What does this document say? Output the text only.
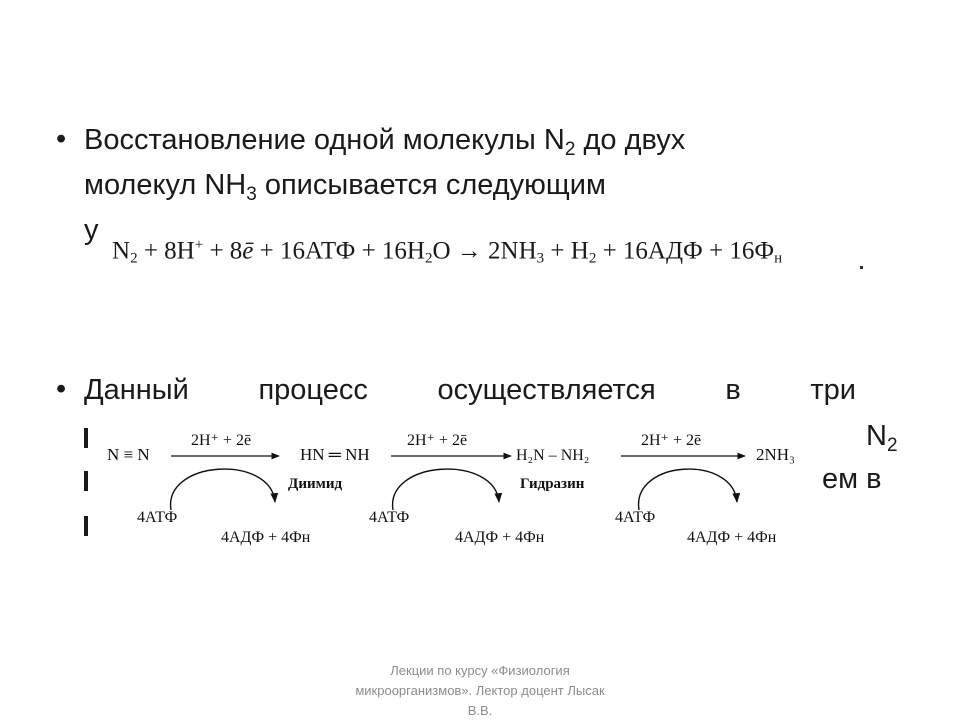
• Восстановление одной молекулы $N_2$ до двух
молекул $NH_3$ описывается следующим
у
$N_2 + 8H^+$ + 8ē + $16АТФ + 16H_2O \to 2NH_3 + H_2 + 16АДФ + 16Ф_н$
• Данный процесс осуществляется в три
$N_2$
ем в
N ≡ N	HN ═ NH	H₂N – NH₂	2NH₃
2H⁺ + 2ē	2H⁺ + 2ē	2H⁺ + 2ē
Диимид	Гидразин
4АТФ	4АТФ	4АТФ
4АДФ + 4Фн	4АДФ + 4Фн	4АДФ + 4Фн
Лекции по курсу «Физиология
микроорганизмов». Лектор доцент Лысак
В.В.
